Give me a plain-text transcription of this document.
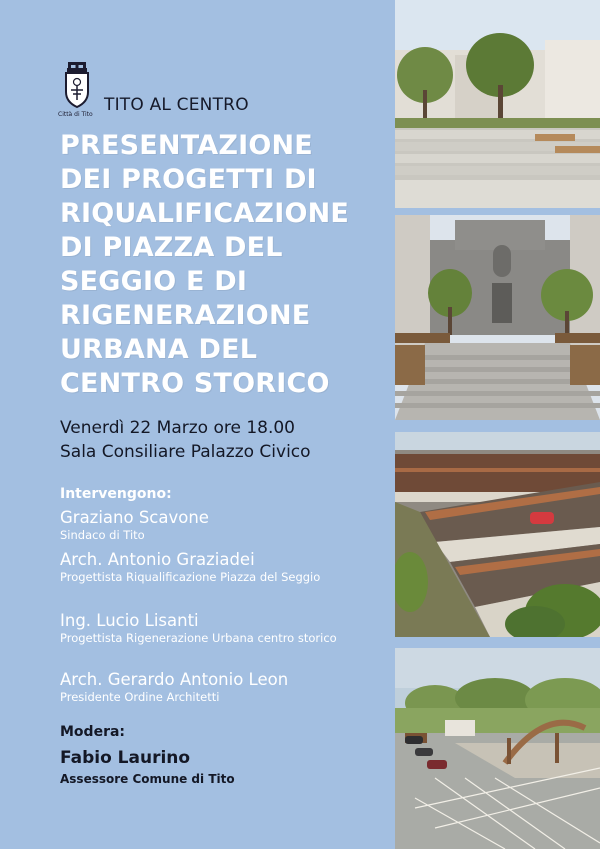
Città di Tito TITO AL CENTRO
PRESENTAZIONE
DEI PROGETTI DI
RIQUALIFICAZIONE
DI PIAZZA DEL
SEGGIO E DI
RIGENERAZIONE
URBANA DEL
CENTRO STORICO
Venerdì 22 Marzo ore 18.00
Sala Consiliare Palazzo Civico
Intervengono:
Graziano Scavone
Sindaco di Tito
Arch. Antonio Graziadei
Progettista Riqualificazione Piazza del Seggio
Ing. Lucio Lisanti
Progettista Rigenerazione Urbana centro storico
Arch. Gerardo Antonio Leon
Presidente Ordine Architetti
Modera:
Fabio Laurino
Assessore Comune di Tito
